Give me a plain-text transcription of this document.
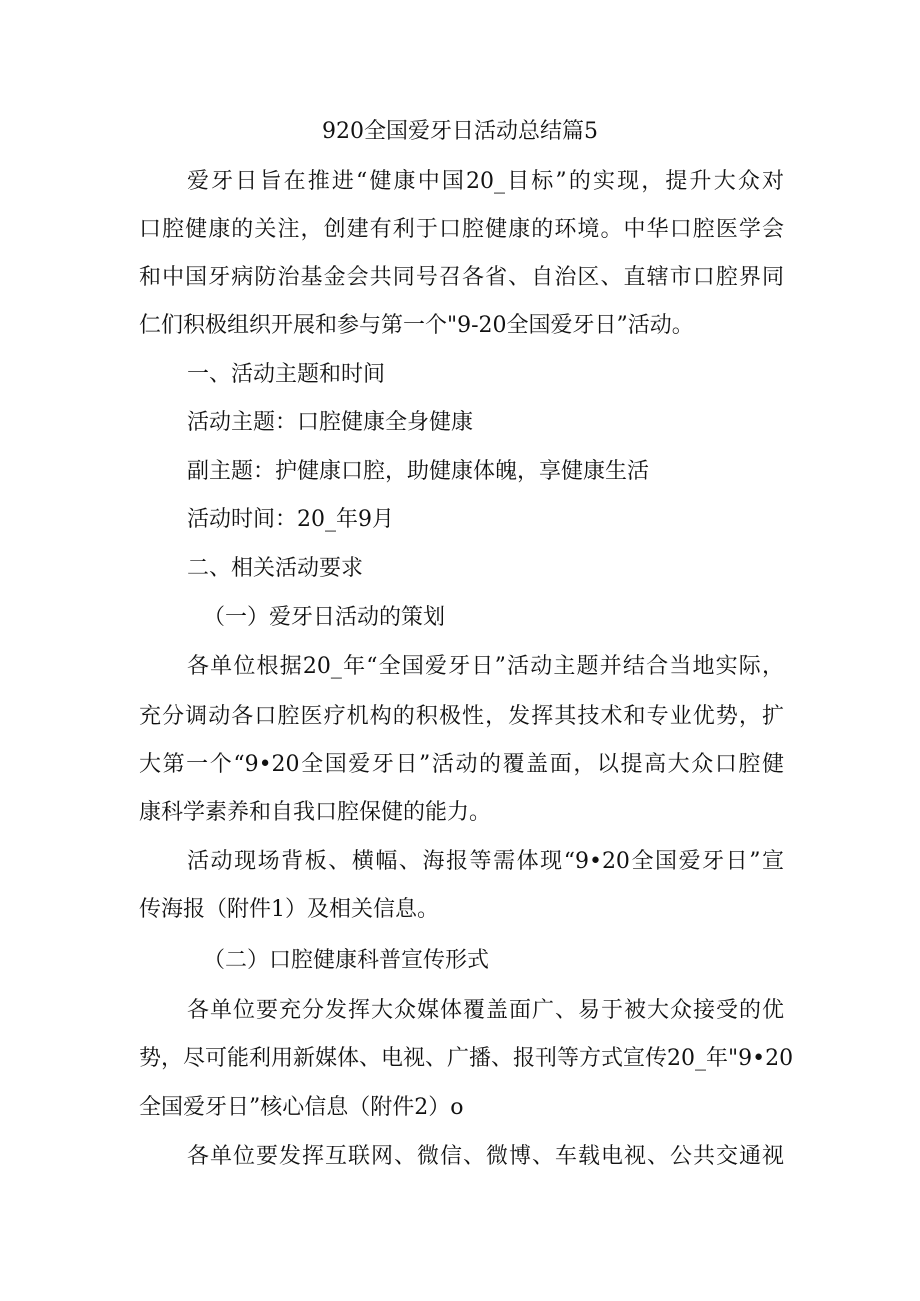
920全国爱牙日活动总结篇5
爱牙日旨在推进“健康中国20_目标”的实现，提升大众对
口腔健康的关注，创建有利于口腔健康的环境。中华口腔医学会
和中国牙病防治基金会共同号召各省、自治区、直辖市口腔界同
仁们积极组织开展和参与第一个"9-20全国爱牙日”活动。
一、活动主题和时间
活动主题：口腔健康全身健康
副主题：护健康口腔，助健康体魄，享健康生活
活动时间：20_年9月
二、相关活动要求
（一）爱牙日活动的策划
各单位根据20_年“全国爱牙日”活动主题并结合当地实际，
充分调动各口腔医疗机构的积极性，发挥其技术和专业优势，扩
大第一个“9•20全国爱牙日”活动的覆盖面，以提高大众口腔健
康科学素养和自我口腔保健的能力。
活动现场背板、横幅、海报等需体现“9•20全国爱牙日”宣
传海报（附件1）及相关信息。
（二）口腔健康科普宣传形式
各单位要充分发挥大众媒体覆盖面广、易于被大众接受的优
势，尽可能利用新媒体、电视、广播、报刊等方式宣传20_年"9•20
全国爱牙日”核心信息（附件2）o
各单位要发挥互联网、微信、微博、车载电视、公共交通视
